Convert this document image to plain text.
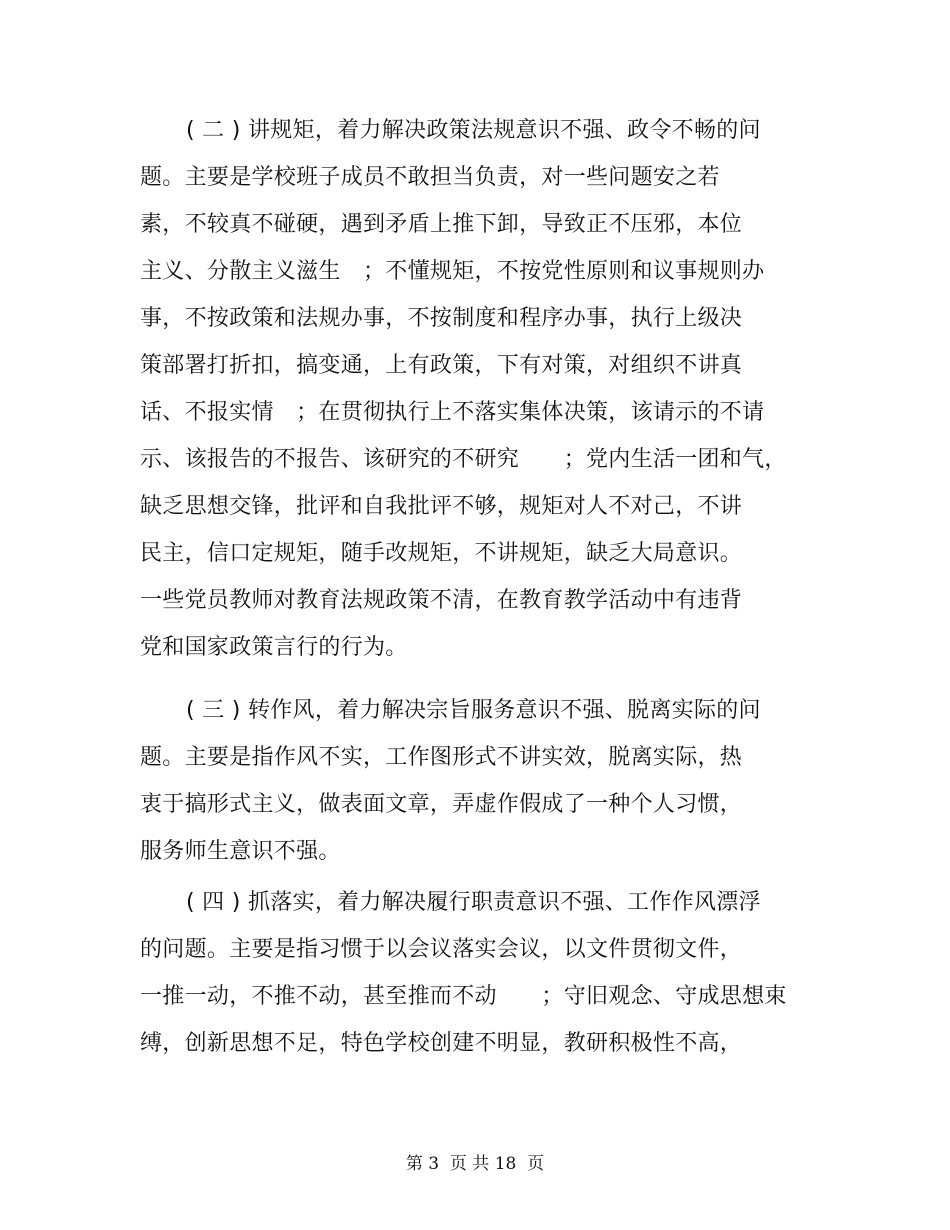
( 二 ) 讲规矩，着力解决政策法规意识不强、政令不畅的问
题。主要是学校班子成员不敢担当负责，对一些问题安之若
素，不较真不碰硬，遇到矛盾上推下卸，导致正不压邪，本位
主义、分散主义滋生　；不懂规矩，不按党性原则和议事规则办
事，不按政策和法规办事，不按制度和程序办事，执行上级决
策部署打折扣，搞变通，上有政策，下有对策，对组织不讲真
话、不报实情　；在贯彻执行上不落实集体决策，该请示的不请
示、该报告的不报告、该研究的不研究　　；党内生活一团和气，
缺乏思想交锋，批评和自我批评不够，规矩对人不对己，不讲
民主，信口定规矩，随手改规矩，不讲规矩，缺乏大局意识。
一些党员教师对教育法规政策不清，在教育教学活动中有违背
党和国家政策言行的行为。
( 三 ) 转作风，着力解决宗旨服务意识不强、脱离实际的问
题。主要是指作风不实，工作图形式不讲实效，脱离实际，热
衷于搞形式主义，做表面文章，弄虚作假成了一种个人习惯，
服务师生意识不强。
( 四 ) 抓落实，着力解决履行职责意识不强、工作作风漂浮
的问题。主要是指习惯于以会议落实会议，以文件贯彻文件，
一推一动，不推不动，甚至推而不动　　；守旧观念、守成思想束
缚，创新思想不足，特色学校创建不明显，教研积极性不高，
第 3  页 共 18  页
